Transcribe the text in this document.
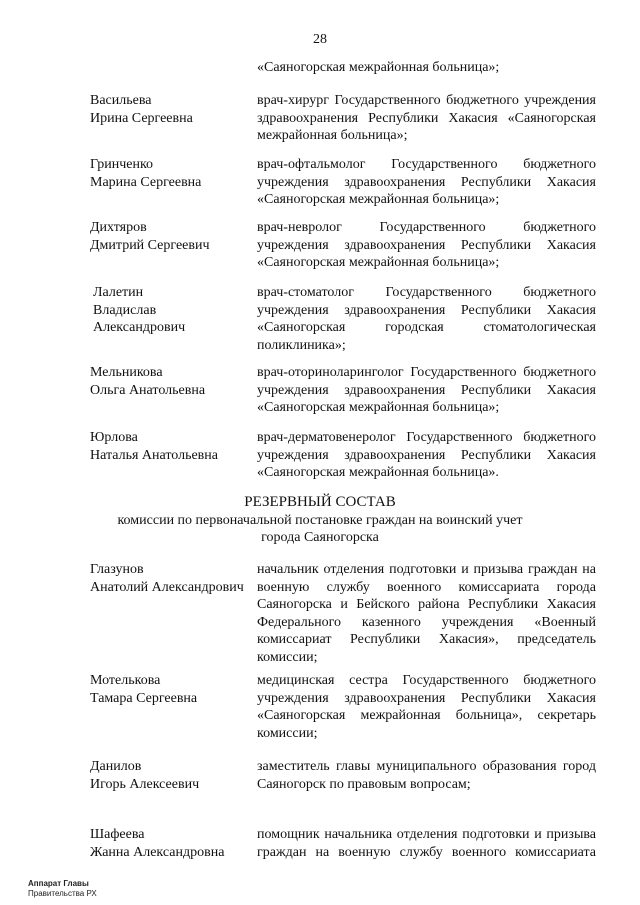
28
«Саяногорская межрайонная больница»;
Васильева
Ирина Сергеевна
врач-хирург Государственного бюджетного учреждения здравоохранения Республики Хакасия «Саяногорская межрайонная больница»;
Гринченко
Марина Сергеевна
врач-офтальмолог Государственного бюджетного учреждения здравоохранения Республики Хакасия «Саяногорская межрайонная больница»;
Дихтяров
Дмитрий Сергеевич
врач-невролог Государственного бюджетного учреждения здравоохранения Республики Хакасия «Саяногорская межрайонная больница»;
Лалетин
Владислав
Александрович
врач-стоматолог Государственного бюджетного учреждения здравоохранения Республики Хакасия «Саяногорская городская стоматологическая поликлиника»;
Мельникова
Ольга Анатольевна
врач-оториноларинголог Государственного бюджетного учреждения здравоохранения Республики Хакасия «Саяногорская межрайонная больница»;
Юрлова
Наталья Анатольевна
врач-дерматовенеролог Государственного бюджетного учреждения здравоохранения Республики Хакасия «Саяногорская межрайонная больница».
РЕЗЕРВНЫЙ СОСТАВ
комиссии по первоначальной постановке граждан на воинский учет
города Саяногорска
Глазунов
Анатолий Александрович
начальник отделения подготовки и призыва граждан на военную службу военного комиссариата города Саяногорска и Бейского района Республики Хакасия Федерального казенного учреждения «Военный комиссариат Республики Хакасия», председатель комиссии;
Мотелькова
Тамара Сергеевна
медицинская сестра Государственного бюджетного учреждения здравоохранения Республики Хакасия «Саяногорская межрайонная больница», секретарь комиссии;
Данилов
Игорь Алексеевич
заместитель главы муниципального образования город Саяногорск по правовым вопросам;
Шафеева
Жанна Александровна
помощник начальника отделения подготовки и призыва граждан на военную службу военного комиссариата
Аппарат Главы
Правительства РХ
